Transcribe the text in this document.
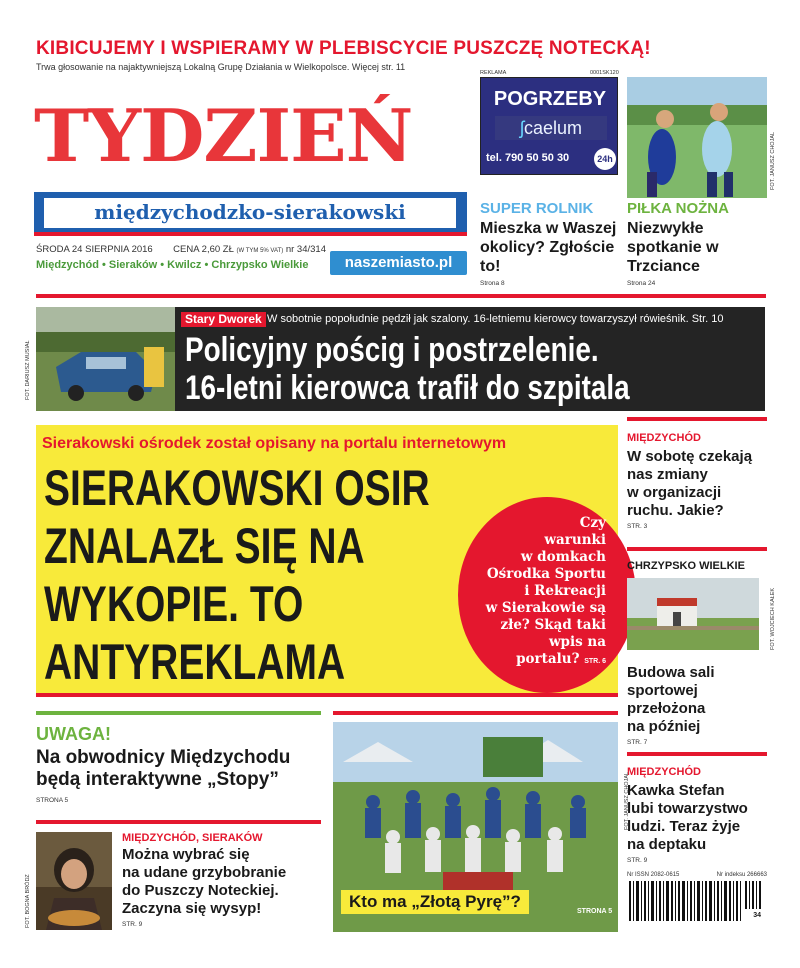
KIBICUJEMY I WSPIERAMY W PLEBISCYCIE PUSZCZĘ NOTECKĄ!
Trwa głosowanie na najaktywniejszą Lokalną Grupę Działania w Wielkopolsce. Więcej str. 11
TYDZIEŃ
międzychodzko-sierakowski
ŚRODA 24 SIERPNIA 2016 CENA 2,60 ZŁ (W TYM 5% VAT) nr 34/314
Międzychód • Sieraków • Kwilcz • Chrzypsko Wielkie	naszemiasto.pl
REKLAMA	0001SK120
POGRZEBY
ʃcaelum
tel. 790 50 50 30	24h	FOT. JANUSZ CHOJAL
SUPER ROLNIK
Mieszka w Waszej okolicy? Zgłoście to!
Strona 8
PIŁKA NOŻNA
Niezwykłe spotkanie w Trzciance
Strona 24
FOT. DARIUSZ MUSIAŁ
Stary Dworek W sobotnie popołudnie pędził jak szalony. 16-letniemu kierowcy towarzyszył rówieśnik. Str. 10
Policyjny pościg i postrzelenie.
16-letni kierowca trafił do szpitala
Sierakowski ośrodek został opisany na portalu internetowym
SIERAKOWSKI OSIR
ZNALAZŁ SIĘ NA
WYKOPIE. TO
ANTYREKLAMA
Czy
warunki
w domkach
Ośrodka Sportu
i Rekreacji
w Sierakowie są
złe? Skąd taki
wpis na
portalu? STR. 6
MIĘDZYCHÓD
W sobotę czekają
nas zmiany
w organizacji
ruchu. Jakie?
STR. 3
CHRZYPSKO WIELKIE
Budowa sali
sportowej
przełożona
na później
STR. 7
FOT. WOJCIECH KAŁEK
MIĘDZYCHÓD
Kawka Stefan
lubi towarzystwo
ludzi. Teraz żyje
na deptaku
STR. 9
Nr ISSN 2082-0615	Nr indeksu 266663
34
UWAGA!
Na obwodnicy Międzychodu
będą interaktywne „Stopy”
STRONA 5
FOT. BOGNA BRÓDZ
MIĘDZYCHÓD, SIERAKÓW
Można wybrać się
na udane grzybobranie
do Puszczy Noteckiej.
Zaczyna się wysyp!
STR. 9
Kto ma „Złotą Pyrę”?
STRONA 5
FOT. JANUSZ CHOJAL
